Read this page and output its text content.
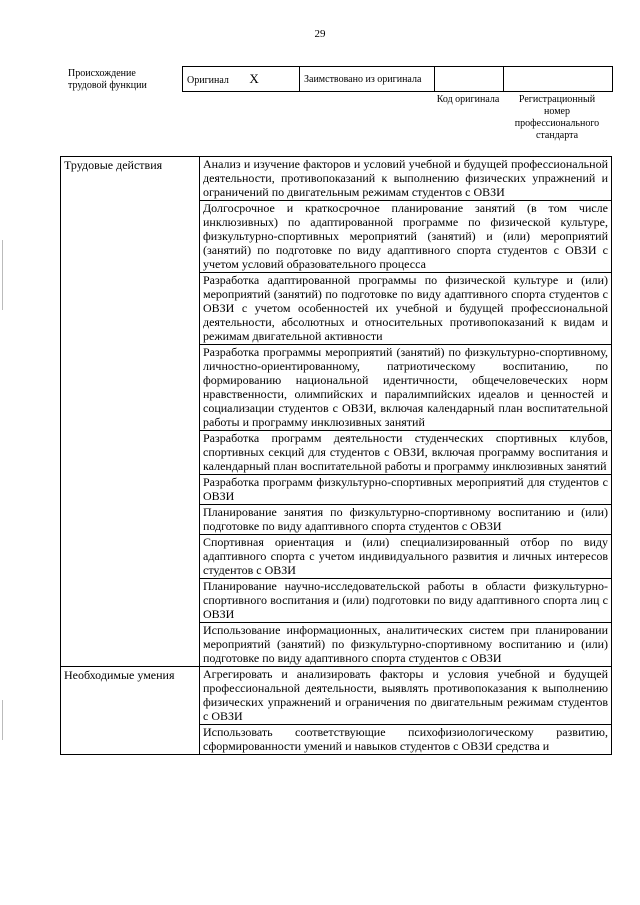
29
Происхождение трудовой функции	Оригинал X	Заимствовано из оригинала		
Код оригинала	Регистрационный номер профессионального стандарта
Трудовые действия	Анализ и изучение факторов и условий учебной и будущей профессиональной деятельности, противопоказаний к выполнению физических упражнений и ограничений по двигательным режимам студентов с ОВЗИ
	Долгосрочное и краткосрочное планирование занятий (в том числе инклюзивных) по адаптированной программе по физической культуре, физкультурно-спортивных мероприятий (занятий) и (или) мероприятий (занятий) по подготовке по виду адаптивного спорта студентов с ОВЗИ с учетом условий образовательного процесса
	Разработка адаптированной программы по физической культуре и (или) мероприятий (занятий) по подготовке по виду адаптивного спорта студентов с ОВЗИ с учетом особенностей их учебной и будущей профессиональной деятельности, абсолютных и относительных противопоказаний к видам и режимам двигательной активности
	Разработка программы мероприятий (занятий) по физкультурно-спортивному, личностно-ориентированному, патриотическому воспитанию, по формированию национальной идентичности, общечеловеческих норм нравственности, олимпийских и паралимпийских идеалов и ценностей и социализации студентов с ОВЗИ, включая календарный план воспитательной работы и программу инклюзивных занятий
	Разработка программ деятельности студенческих спортивных клубов, спортивных секций для студентов с ОВЗИ, включая программу воспитания и календарный план воспитательной работы и программу инклюзивных занятий
	Разработка программ физкультурно-спортивных мероприятий для студентов с ОВЗИ
	Планирование занятия по физкультурно-спортивному воспитанию и (или) подготовке по виду адаптивного спорта студентов с ОВЗИ
	Спортивная ориентация и (или) специализированный отбор по виду адаптивного спорта с учетом индивидуального развития и личных интересов студентов с ОВЗИ
	Планирование научно-исследовательской работы в области физкультурно-спортивного воспитания и (или) подготовки по виду адаптивного спорта лиц с ОВЗИ
	Использование информационных, аналитических систем при планировании мероприятий (занятий) по физкультурно-спортивному воспитанию и (или) подготовке по виду адаптивного спорта студентов с ОВЗИ
Необходимые умения	Агрегировать и анализировать факторы и условия учебной и будущей профессиональной деятельности, выявлять противопоказания к выполнению физических упражнений и ограничения по двигательным режимам студентов с ОВЗИ
	Использовать соответствующие психофизиологическому развитию, сформированности умений и навыков студентов с ОВЗИ средства и
